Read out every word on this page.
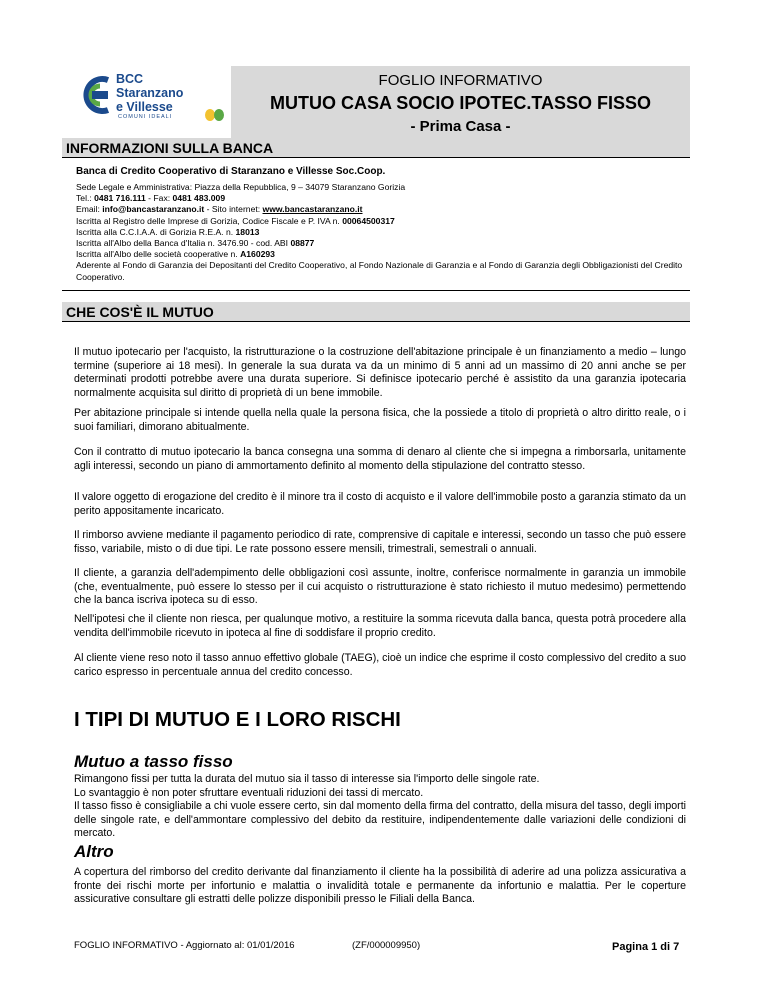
BCC
Staranzano
e Villesse
COMUNI IDEALI
FOGLIO INFORMATIVO
MUTUO CASA SOCIO IPOTEC.TASSO FISSO
- Prima Casa -
INFORMAZIONI SULLA BANCA
Banca di Credito Cooperativo di Staranzano e Villesse Soc.Coop.
Sede Legale e Amministrativa: Piazza della Repubblica, 9 – 34079 Staranzano Gorizia
Tel.: 0481 716.111 - Fax: 0481 483.009
Email: info@bancastaranzano.it - Sito internet: www.bancastaranzano.it
Iscritta al Registro delle Imprese di Gorizia, Codice Fiscale e P. IVA n. 00064500317
Iscritta alla C.C.I.A.A. di Gorizia R.E.A. n. 18013
Iscritta all'Albo della Banca d'Italia n. 3476.90 - cod. ABI 08877
Iscritta all'Albo delle società cooperative n. A160293
Aderente al Fondo di Garanzia dei Depositanti del Credito Cooperativo, al Fondo Nazionale di Garanzia e al Fondo di Garanzia degli Obbligazionisti del Credito Cooperativo.
CHE COS'È IL MUTUO
Il mutuo ipotecario per l'acquisto, la ristrutturazione o la costruzione dell'abitazione principale è un finanziamento a medio – lungo termine (superiore ai 18 mesi). In generale la sua durata va da un minimo di 5 anni ad un massimo di 20 anni anche se per determinati prodotti potrebbe avere una durata superiore. Si definisce ipotecario perché è assistito da una garanzia ipotecaria normalmente acquisita sul diritto di proprietà di un bene immobile.
Per abitazione principale si intende quella nella quale la persona fisica, che la possiede a titolo di proprietà o altro diritto reale, o i suoi familiari, dimorano abitualmente.
Con il contratto di mutuo ipotecario la banca consegna una somma di denaro al cliente che si impegna a rimborsarla, unitamente agli interessi, secondo un piano di ammortamento definito al momento della stipulazione del contratto stesso.
Il valore oggetto di erogazione del credito è il minore tra il costo di acquisto e il valore dell'immobile posto a garanzia stimato da un perito appositamente incaricato.
Il rimborso avviene mediante il pagamento periodico di rate, comprensive di capitale e interessi, secondo un tasso che può essere fisso, variabile, misto o di due tipi. Le rate possono essere mensili, trimestrali, semestrali o annuali.
Il cliente, a garanzia dell'adempimento delle obbligazioni così assunte, inoltre, conferisce normalmente in garanzia un immobile (che, eventualmente, può essere lo stesso per il cui acquisto o ristrutturazione è stato richiesto il mutuo medesimo) permettendo che la banca iscriva ipoteca su di esso.
Nell'ipotesi che il cliente non riesca, per qualunque motivo, a restituire la somma ricevuta dalla banca, questa potrà procedere alla vendita dell'immobile ricevuto in ipoteca al fine di soddisfare il proprio credito.
Al cliente viene reso noto il tasso annuo effettivo globale (TAEG), cioè un indice che esprime il costo complessivo del credito a suo carico espresso in percentuale annua del credito concesso.
I TIPI DI MUTUO E I LORO RISCHI
Mutuo a tasso fisso
Rimangono fissi per tutta la durata del mutuo sia il tasso di interesse sia l'importo delle singole rate.
Lo svantaggio è non poter sfruttare eventuali riduzioni dei tassi di mercato.
Il tasso fisso è consigliabile a chi vuole essere certo, sin dal momento della firma del contratto, della misura del tasso, degli importi delle singole rate, e dell'ammontare complessivo del debito da restituire, indipendentemente dalle variazioni delle condizioni di mercato.
Altro
A copertura del rimborso del credito derivante dal finanziamento il cliente ha la possibilità di aderire ad una polizza assicurativa a fronte dei rischi morte per infortunio e malattia o invalidità totale e permanente da infortunio e malattia. Per le coperture assicurative consultare gli estratti delle polizze disponibili presso le Filiali della Banca.
FOGLIO INFORMATIVO - Aggiornato al: 01/01/2016	(ZF/000009950)	Pagina 1 di 7
